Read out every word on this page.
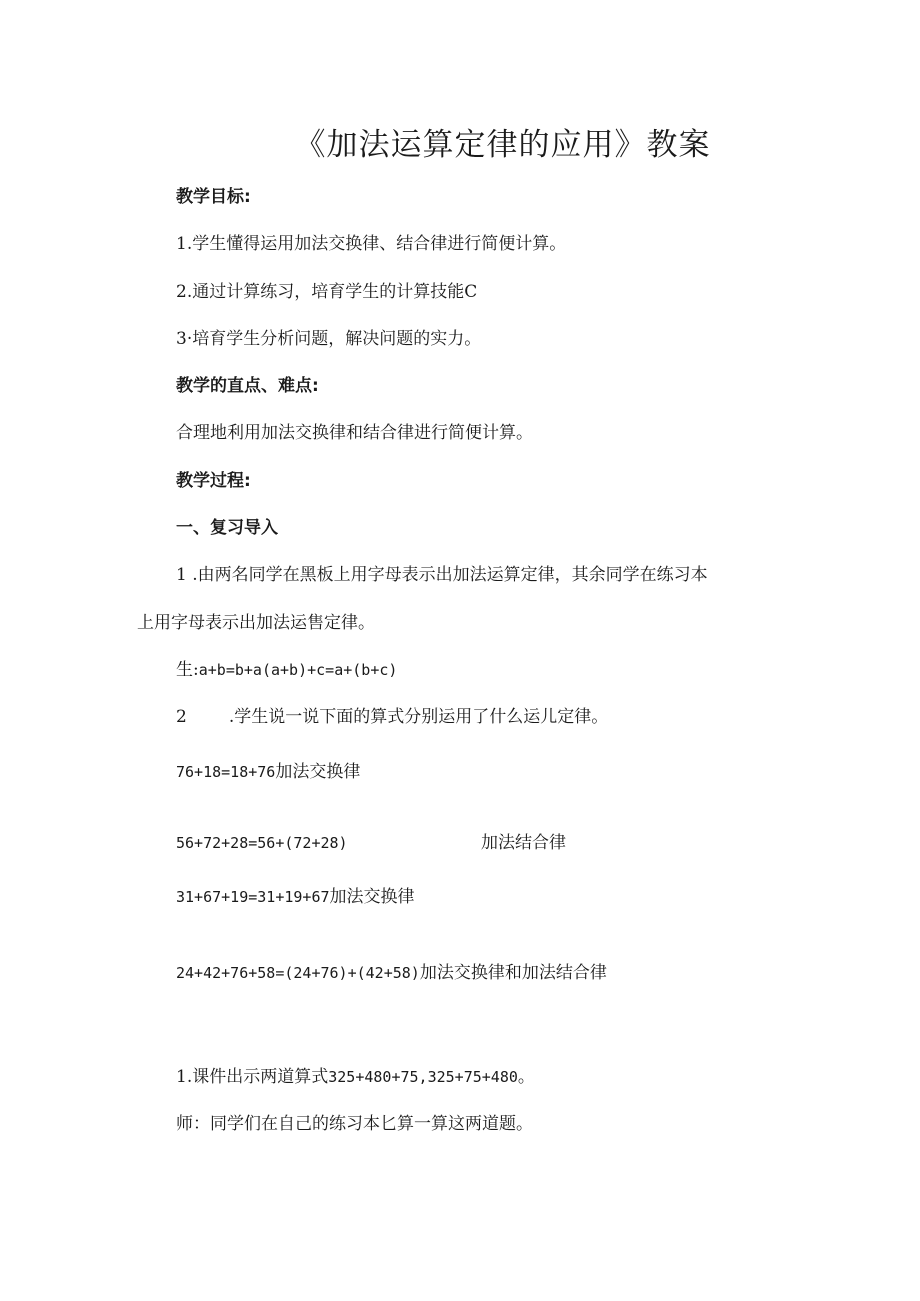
《加法运算定律的应用》教案
教学目标:
1.学生懂得运用加法交换律、结合律进行简便计算。
2.通过计算练习，培育学生的计算技能C
3·培育学生分析问题，解决问题的实力。
教学的直点、难点:
合理地利用加法交换律和结合律进行简便计算。
教学过程:
一、复习导入
1 .由两名同学在黑板上用字母表示出加法运算定律，其余同学在练习本
上用字母表示出加法运售定律。
生:a+b=b+a(a+b)+c=a+(b+c)
2 .学生说一说下面的算式分别运用了什么运儿定律。
76+18=18+76加法交换律
56+72+28=56+(72+28)	加法结合律
31+67+19=31+19+67加法交换律
24+42+76+58=(24+76)+(42+58)加法交换律和加法结合律
1.课件出示两道算式325+480+75,325+75+480。
师：同学们在自己的练习本匕算一算这两道题。
